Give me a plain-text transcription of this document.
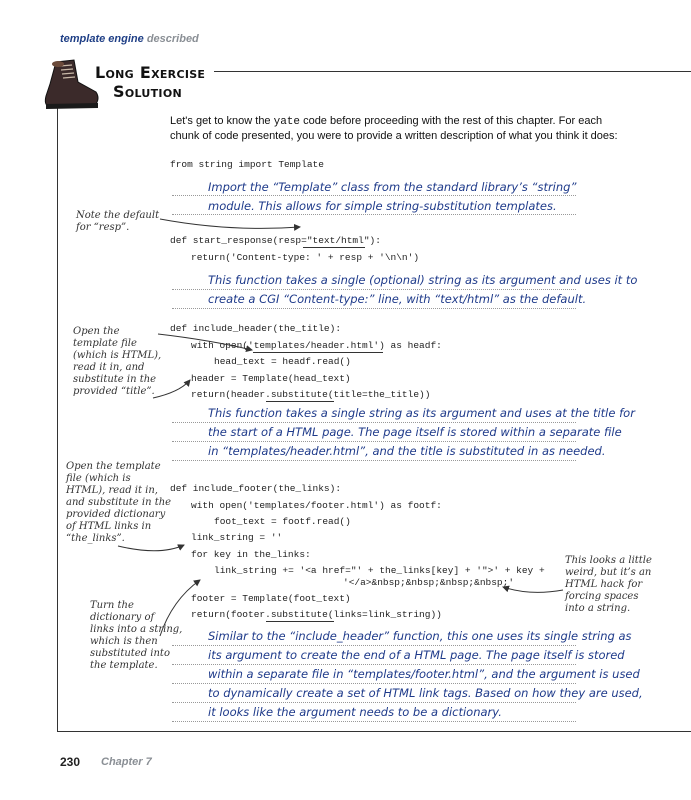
template engine described
Long Exercise
Solution
Let's get to know the yate code before proceeding with the rest of this chapter. For each chunk of code presented, you were to provide a written description of what you think it does:
from string import Template
def start_response(resp="text/html"):
return('Content-type: ' + resp + '\n\n')
def include_header(the_title):
with open('templates/header.html') as headf:
head_text = headf.read()
header = Template(head_text)
return(header.substitute(title=the_title))
def include_footer(the_links):
with open('templates/footer.html') as footf:
foot_text = footf.read()
link_string = ''
for key in the_links:
link_string += '<a href="' + the_links[key] + '">' + key +
'</a>&nbsp;&nbsp;&nbsp;&nbsp;'
footer = Template(foot_text)
return(footer.substitute(links=link_string))
Import the “Template” class from the standard library’s “string”
module. This allows for simple string-substitution templates.
This function takes a single (optional) string as its argument and uses it to
create a CGI “Content-type:” line, with “text/html” as the default.
This function takes a single string as its argument and uses at the title for
the start of a HTML page. The page itself is stored within a separate file
in “templates/header.html”, and the title is substituted in as needed.
Similar to the “include_header” function, this one uses its single string as
its argument to create the end of a HTML page. The page itself is stored
within a separate file in “templates/footer.html”, and the argument is used
to dynamically create a set of HTML link tags. Based on how they are used,
it looks like the argument needs to be a dictionary.
Note the default
for “resp”.
Open the
template file
(which is HTML),
read it in, and
substitute in the
provided “title”.
Open the template
file (which is
HTML), read it in,
and substitute in the
provided dictionary
of HTML links in
“the_links”.
This looks a little
weird, but it’s an
HTML hack for
forcing spaces
into a string.
Turn the
dictionary of
links into a string,
which is then
substituted into
the template.
230 Chapter 7
